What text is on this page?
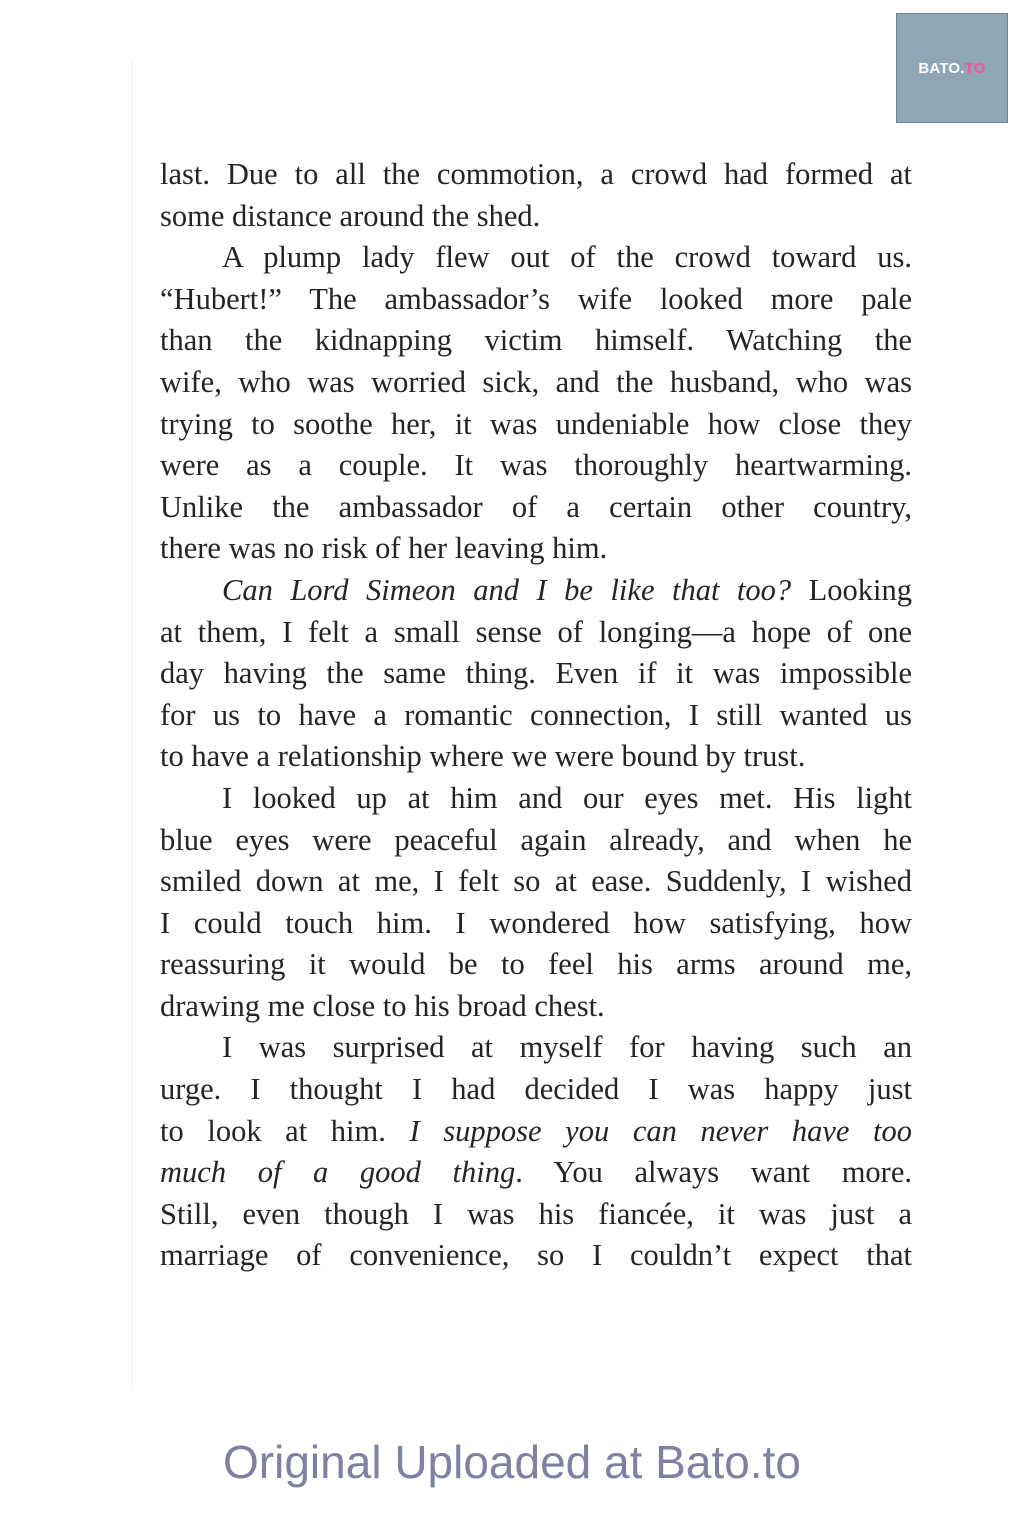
BATO. TO
last. Due to all the commotion, a crowd had formed at
some distance around the shed.
A plump lady flew out of the crowd toward us.
“Hubert!” The ambassador’s wife looked more pale
than the kidnapping victim himself. Watching the
wife, who was worried sick, and the husband, who was
trying to soothe her, it was undeniable how close they
were as a couple. It was thoroughly heartwarming.
Unlike the ambassador of a certain other country,
there was no risk of her leaving him.
Can Lord Simeon and I be like that too? Looking
at them, I felt a small sense of longing—a hope of one
day having the same thing. Even if it was impossible
for us to have a romantic connection, I still wanted us
to have a relationship where we were bound by trust.
I looked up at him and our eyes met. His light
blue eyes were peaceful again already, and when he
smiled down at me, I felt so at ease. Suddenly, I wished
I could touch him. I wondered how satisfying, how
reassuring it would be to feel his arms around me,
drawing me close to his broad chest.
I was surprised at myself for having such an
urge. I thought I had decided I was happy just
to look at him. I suppose you can never have too
much of a good thing. You always want more.
Still, even though I was his fiancée, it was just a
marriage of convenience, so I couldn’t expect that
Original Uploaded at Bato.to
